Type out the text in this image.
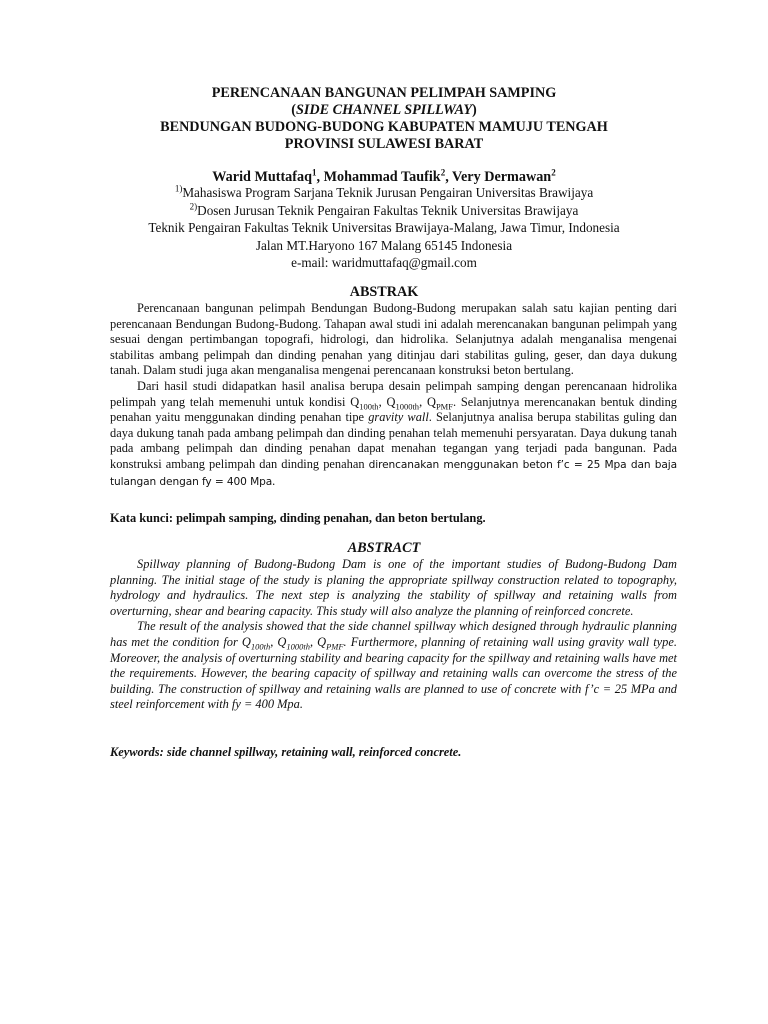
PERENCANAAN BANGUNAN PELIMPAH SAMPING
(SIDE CHANNEL SPILLWAY)
BENDUNGAN BUDONG-BUDONG KABUPATEN MAMUJU TENGAH
PROVINSI SULAWESI BARAT
Warid Muttafaq$^1$, Mohammad Taufik$^2$, Very Dermawan$^2$
$^{1)}$Mahasiswa Program Sarjana Teknik Jurusan Pengairan Universitas Brawijaya
$^{2)}$Dosen Jurusan Teknik Pengairan Fakultas Teknik Universitas Brawijaya
Teknik Pengairan Fakultas Teknik Universitas Brawijaya-Malang, Jawa Timur, Indonesia
Jalan MT.Haryono 167 Malang 65145 Indonesia
e-mail: waridmuttafaq@gmail.com
ABSTRAK

Perencanaan bangunan pelimpah Bendungan Budong-Budong merupakan salah satu kajian penting dari perencanaan Bendungan Budong-Budong. Tahapan awal studi ini adalah merencanakan bangunan pelimpah yang sesuai dengan pertimbangan topografi, hidrologi, dan hidrolika. Selanjutnya adalah menganalisa mengenai stabilitas ambang pelimpah dan dinding penahan yang ditinjau dari stabilitas guling, geser, dan daya dukung tanah. Dalam studi juga akan menganalisa mengenai perencanaan konstruksi beton bertulang.

Dari hasil studi didapatkan hasil analisa berupa desain pelimpah samping dengan perencanaan hidrolika pelimpah yang telah memenuhi untuk kondisi $Q_{100th}$, $Q_{1000th}$, $Q_{PMF}$. Selanjutnya merencanakan bentuk dinding penahan yaitu menggunakan dinding penahan tipe gravity wall. Selanjutnya analisa berupa stabilitas guling dan daya dukung tanah pada ambang pelimpah dan dinding penahan telah memenuhi persyaratan. Daya dukung tanah pada ambang pelimpah dan dinding penahan dapat menahan tegangan yang terjadi pada bangunan. Pada konstruksi ambang pelimpah dan dinding penahan direncanakan menggunakan beton f’c = 25 Mpa dan baja tulangan dengan fy = 400 Mpa.

Kata kunci: pelimpah samping, dinding penahan, dan beton bertulang.
ABSTRACT

Spillway planning of Budong-Budong Dam is one of the important studies of Budong-Budong Dam planning. The initial stage of the study is planing the appropriate spillway construction related to topography, hydrology and hydraulics. The next step is analyzing the stability of spillway and retaining walls from overturning, shear and bearing capacity. This study will also analyze the planning of reinforced concrete.

The result of the analysis showed that the side channel spillway which designed through hydraulic planning has met the condition for $Q_{100th}$, $Q_{1000th}$, $Q_{PMF}$. Furthermore, planning of retaining wall using gravity wall type. Moreover, the analysis of overturning stability and bearing capacity for the spillway and retaining walls have met the requirements. However, the bearing capacity of spillway and retaining walls can overcome the stress of the building. The construction of spillway and retaining walls are planned to use of concrete with f’c = 25 MPa and steel reinforcement with fy = 400 Mpa.

Keywords: side channel spillway, retaining wall, reinforced concrete.
